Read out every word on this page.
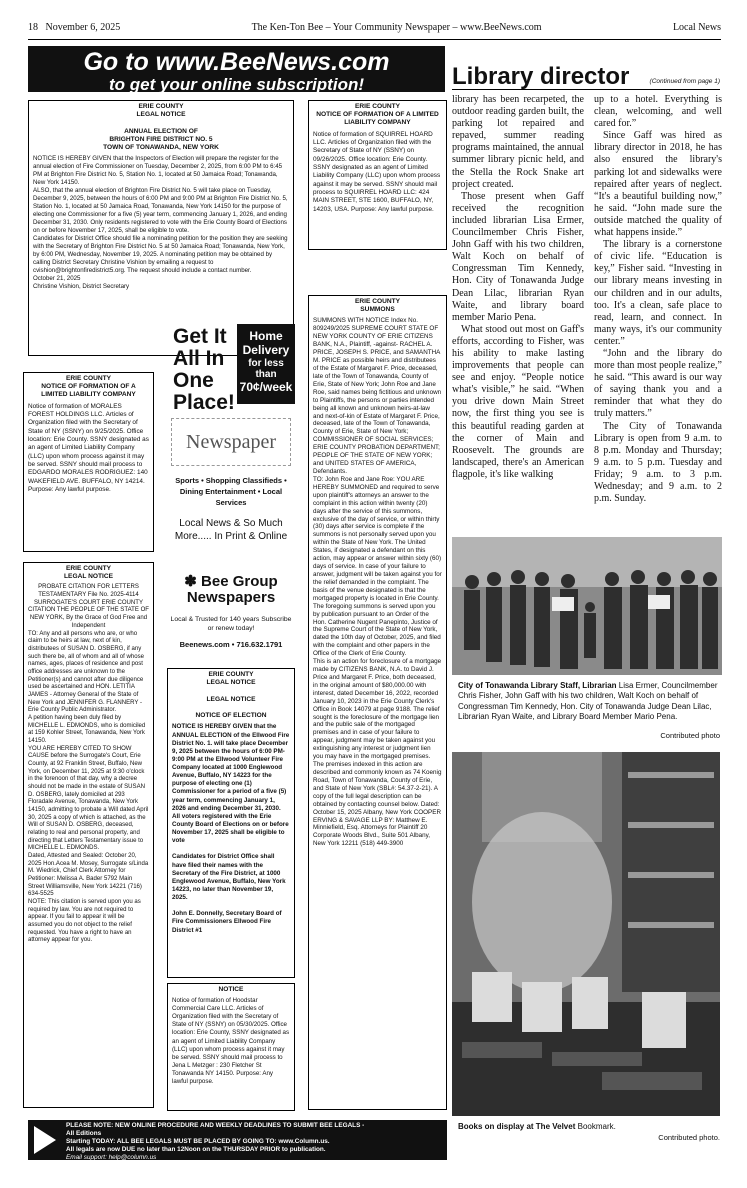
18 November 6, 2025	The Ken-Ton Bee – Your Community Newspaper – www.BeeNews.com	Local News
Go to www.BeeNews.com
to get your online subscription!
ERIE COUNTY
LEGAL NOTICE

ANNUAL ELECTION OF
BRIGHTON FIRE DISTRICT NO. 5
TOWN OF TONAWANDA, NEW YORK

NOTICE IS HEREBY GIVEN that the Inspectors of Election will prepare the register for the annual election of Fire Commissioner on Tuesday, December 2, 2025, from 6:00 PM to 6:45 PM at Brighton Fire District No. 5, Station No. 1, located at 50 Jamaica Road; Tonawanda, New York 14150.

ALSO, that the annual election of Brighton Fire District No. 5 will take place on Tuesday, December 9, 2025, between the hours of 6:00 PM and 9:00 PM at Brighton Fire District No. 5, Station No. 1, located at 50 Jamaica Road, Tonawanda, New York 14150 for the purpose of electing one Commissioner for a five (5) year term, commencing January 1, 2026, and ending December 31, 2030. Only residents registered to vote with the Erie County Board of Elections on or before November 17, 2025, shall be eligible to vote.

Candidates for District Office should file a nominating petition for the position they are seeking with the Secretary of Brighton Fire District No. 5 at 50 Jamaica Road; Tonawanda, New York, by 6:00 PM, Wednesday, November 19, 2025. A nominating petition may be obtained by calling District Secretary Christine Vishion by emailing a request to cvishion@brightonfiredistrict5.org. The request should include a contact number.

October 21, 2025

Christine Vishion, District Secretary

ERIE COUNTY
NOTICE OF FORMATION OF A LIMITED LIABILITY COMPANY

Notice of formation of SQUIRREL HOARD LLC. Articles of Organization filed with the Secretary of State of NY (SSNY) on 09/26/2025. Office location: Erie County. SSNY designated as an agent of Limited Liability Company (LLC) upon whom process against it may be served. SSNY should mail process to SQUIRREL HOARD LLC: 424 MAIN STREET, STE 1600, BUFFALO, NY, 14203, USA. Purpose: Any lawful purpose.

ERIE COUNTY
NOTICE OF FORMATION OF A LIMITED LIABILITY COMPANY

Notice of formation of MORALES FOREST HOLDINGS LLC. Articles of Organization filed with the Secretary of State of NY (SSNY) on 9/25/2025. Office location: Erie County. SSNY designated as an agent of Limited Liability Company (LLC) upon whom process against it may be served. SSNY should mail process to EDGARDO MORALES RODRIGUEZ: 140 WAKEFIELD AVE. BUFFALO, NY 14214. Purpose: Any lawful purpose.

ERIE COUNTY
LEGAL NOTICE

PROBATE CITATION FOR LETTERS TESTAMENTARY File No. 2025-4114 SURROGATE'S COURT ERIE COUNTY CITATION THE PEOPLE OF THE STATE OF NEW YORK, By the Grace of God Free and Independent

TO: Any and all persons who are, or who claim to be heirs at law, next of kin, distributees of SUSAN D. OSBERG, if any such there be, all of whom and all of whose names, ages, places of residence and post office addresses are unknown to the Petitioner(s) and cannot after due diligence used be ascertained and HON. LETITIA JAMES - Attorney General of the State of New York and JENNIFER G. FLANNERY - Erie County Public Administrator.

A petition having been duly filed by MICHELLE L. EDMONDS, who is domiciled at 159 Kohler Street, Tonawanda, New York 14150.

YOU ARE HEREBY CITED TO SHOW CAUSE before the Surrogate's Court, Erie County, at 92 Franklin Street, Buffalo, New York, on December 11, 2025 at 9:30 o'clock in the forenoon of that day, why a decree should not be made in the estate of SUSAN D. OSBERG, lately domiciled at 293 Floradale Avenue, Tonawanda, New York 14150, admitting to probate a Will dated April 30, 2025 a copy of which is attached, as the Will of SUSAN D. OSBERG, deceased, relating to real and personal property, and directing that Letters Testamentary issue to MICHELLE L. EDMONDS.

Dated, Attested and Sealed: October 20, 2025 Hon.Acea M. Mosey, Surrogate s/Linda M. Wiedrick, Chief Clerk Attorney for Petitioner: Melissa A. Bader 5792 Main Street Williamsville, New York 14221 (716) 634-5525

NOTE: This citation is served upon you as required by law. You are not required to appear. If you fail to appear it will be assumed you do not object to the relief requested. You have a right to have an attorney appear for you.

Get It All In One Place!
Home Delivery
for less than
70¢/week
Newspaper
Sports • Shopping Classifieds • Dining Entertainment • Local Services
Local News & So Much More..... In Print & Online
✽ Bee Group Newspapers
Local & Trusted for 140 years Subscribe or renew today!
Beenews.com • 716.632.1791
ERIE COUNTY
LEGAL NOTICE

LEGAL NOTICE

NOTICE OF ELECTION

NOTICE IS HEREBY GIVEN that the ANNUAL ELECTION of the Ellwood Fire District No. 1. will take place December 9, 2025 between the hours of 6:00 PM-9:00 PM at the Ellwood Volunteer Fire Company located at 1000 Englewood Avenue, Buffalo, NY 14223 for the purpose of electing one (1) Commissioner for a period of a five (5) year term, commencing January 1, 2026 and ending December 31, 2030. All voters registered with the Erie County Board of Elections on or before November 17, 2025 shall be eligible to vote

Candidates for District Office shall have filed their names with the Secretary of the Fire District, at 1000 Englewood Avenue, Buffalo, New York 14223, no later than November 19, 2025.

John E. Donnelly, Secretary Board of Fire Commissioners Ellwood Fire District #1

NOTICE

Notice of formation of Hoodstar Commercial Care LLC. Articles of Organization filed with the Secretary of State of NY (SSNY) on 05/30/2025. Office location: Erie County, SSNY designated as an agent of Limited Liability Company (LLC) upon whom process against it may be served. SSNY should mail process to Jena L Metzger : 230 Fletcher St Tonawanda NY 14150. Purpose: Any lawful purpose.

ERIE COUNTY
SUMMONS

SUMMONS WITH NOTICE Index No. 809249/2025 SUPREME COURT STATE OF NEW YORK COUNTY OF ERIE CITIZENS BANK, N.A., Plaintiff, -against- RACHEL A. PRICE, JOSEPH S. PRICE, and SAMANTHA M. PRICE as possible heirs and distributees of the Estate of Margaret F. Price, deceased, late of the Town of Tonawanda, County of Erie, State of New York; John Roe and Jane Roe, said names being fictitious and unknown to Plaintiffs, the persons or parties intended being all known and unknown heirs-at-law and next-of-kin of Estate of Margaret F. Price, deceased, late of the Town of Tonawanda, County of Erie, State of New York; COMMISSIONER OF SOCIAL SERVICES; ERIE COUNTY PROBATION DEPARTMENT; PEOPLE OF THE STATE OF NEW YORK; and UNITED STATES OF AMERICA, Defendants.

TO: John Roe and Jane Roe: YOU ARE HEREBY SUMMONED and required to serve upon plaintiff's attorneys an answer to the complaint in this action within twenty (20) days after the service of this summons, exclusive of the day of service, or within thirty (30) days after service is complete if the summons is not personally served upon you within the State of New York. The United States, if designated a defendant on this action, may appear or answer within sixty (60) days of service. In case of your failure to answer, judgment will be taken against you for the relief demanded in the complaint. The basis of the venue designated is that the mortgaged property is located in Erie County.

The foregoing summons is served upon you by publication pursuant to an Order of the Hon. Catherine Nugent Panepinto, Justice of the Supreme Court of the State of New York, dated the 10th day of October, 2025, and filed with the complaint and other papers in the Office of the Clerk of Erie County.

This is an action for foreclosure of a mortgage made by CITIZENS BANK, N.A. to David J. Price and Margaret F. Price, both deceased, in the original amount of $80,000.00 with interest, dated December 16, 2022, recorded January 10, 2023 in the Erie County Clerk's Office in Book 14079 at page 9188. The relief sought is the foreclosure of the mortgage lien and the public sale of the mortgaged premises and in case of your failure to appear, judgment may be taken against you extinguishing any interest or judgment lien you may have in the mortgaged premises. The premises indexed in this action are described and commonly known as 74 Koenig Road, Town of Tonawanda, County of Erie, and State of New York (SBL#: 54.37-2-21). A copy of the full legal description can be obtained by contacting counsel below. Dated: October 15, 2025 Albany, New York COOPER ERVING & SAVAGE LLP BY: Matthew E. Minniefield, Esq. Attorneys for Plaintiff 20 Corporate Woods Blvd., Suite 501 Albany, New York 12211 (518) 449-3900

Library director	(Continued from page 1)

library has been recarpeted, the outdoor reading garden built, the parking lot repaired and repaved, summer reading programs maintained, the annual summer library picnic held, and the Stella the Rock Snake art project created.

Those present when Gaff received the recognition included librarian Lisa Ermer, Councilmember Chris Fisher, John Gaff with his two children, Walt Koch on behalf of Congressman Tim Kennedy, Hon. City of Tonawanda Judge Dean Lilac, librarian Ryan Waite, and library board member Mario Pena.

What stood out most on Gaff's efforts, according to Fisher, was his ability to make lasting improvements that people can see and enjoy. “People notice what's visible,” he said. “When you drive down Main Street now, the first thing you see is this beautiful reading garden at the corner of Main and Roosevelt. The grounds are landscaped, there's an American flagpole, it's like walking

up to a hotel. Everything is clean, welcoming, and well cared for.”

Since Gaff was hired as library director in 2018, he has also ensured the library's parking lot and sidewalks were repaired after years of neglect. “It's a beautiful building now,” he said. “John made sure the outside matched the quality of what happens inside.”

The library is a cornerstone of civic life. “Education is key,” Fisher said. “Investing in our library means investing in our children and in our adults, too. It's a clean, safe place to read, learn, and connect. In many ways, it's our community center.”

“John and the library do more than most people realize,” he said. “This award is our way of saying thank you and a reminder that what they do truly matters.”

The City of Tonawanda Library is open from 9 a.m. to 8 p.m. Monday and Thursday; 9 a.m. to 5 p.m. Tuesday and Friday; 9 a.m. to 3 p.m. Wednesday; and 9 a.m. to 2 p.m. Sunday.

City of Tonawanda Library Staff, Librarian Lisa Ermer, Councilmember Chris Fisher, John Gaff with his two children, Walt Koch on behalf of Congressman Tim Kennedy, Hon. City of Tonawanda Judge Dean Lilac, Librarian Ryan Waite, and Library Board Member Mario Pena.
Contributed photo
Books on display at The Velvet Bookmark.
Contributed photo.
PLEASE NOTE: NEW ONLINE PROCEDURE AND WEEKLY DEADLINES TO SUBMIT BEE LEGALS -
All Editions
Starting TODAY: ALL BEE LEGALS MUST BE PLACED BY GOING TO: www.Column.us.
All legals are now DUE no later than 12Noon on the THURSDAY PRIOR to publication.
Email support: help@column.us
